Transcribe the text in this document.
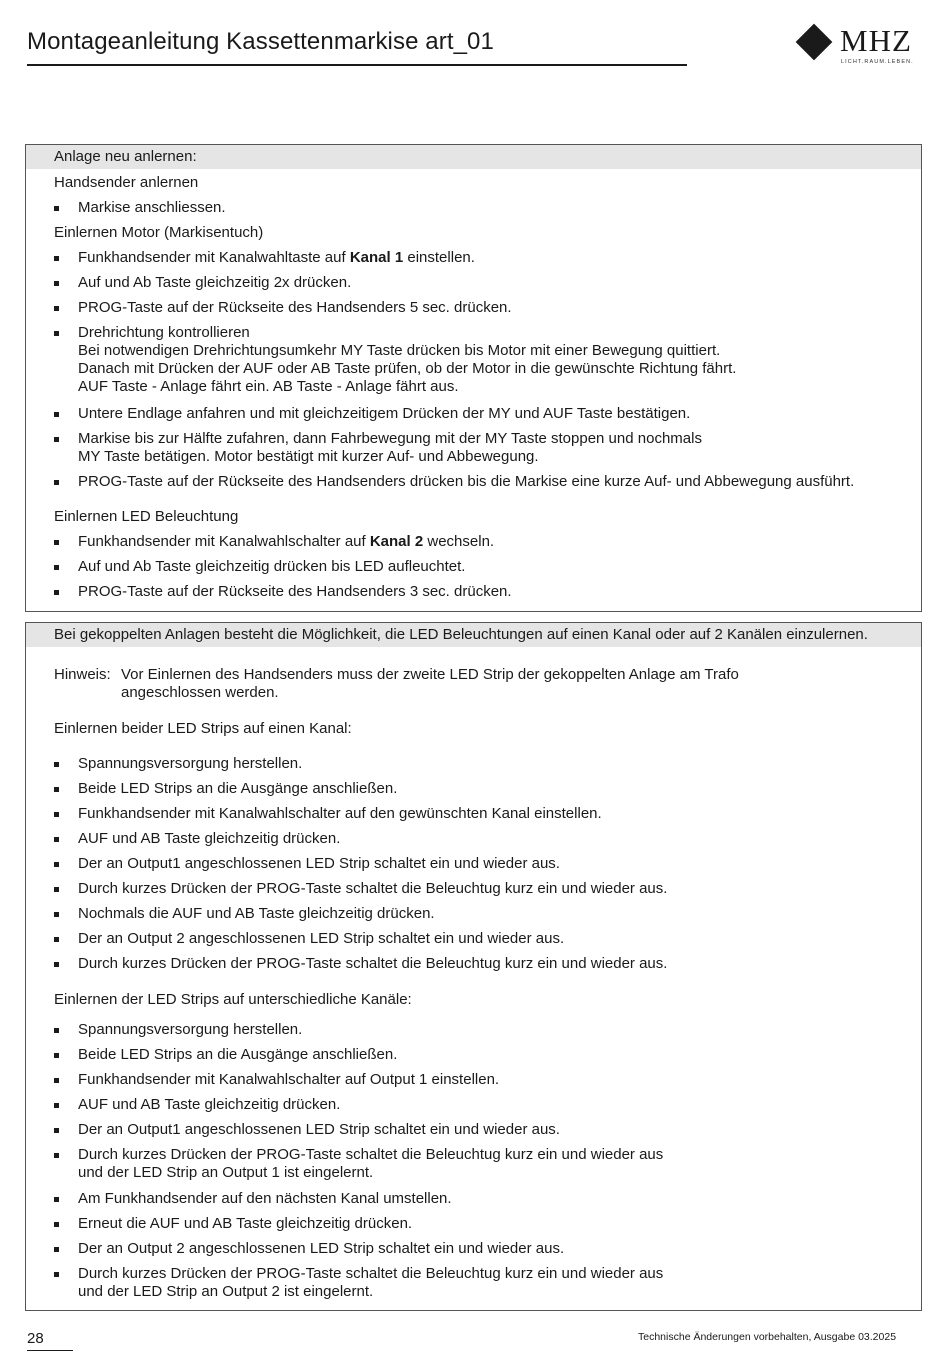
Montageanleitung Kassettenmarkise art_01	MHZ
LICHT.RAUM.LEBEN.
Anlage neu anlernen:
Handsender anlernen
Markise anschliessen.
Einlernen Motor (Markisentuch)
Funkhandsender mit Kanalwahltaste auf Kanal 1 einstellen.
Auf und Ab Taste gleichzeitig 2x drücken.
PROG-Taste auf der Rückseite des Handsenders 5 sec. drücken.
Drehrichtung kontrollieren
Bei notwendigen Drehrichtungsumkehr MY Taste drücken bis Motor mit einer Bewegung quittiert.
Danach mit Drücken der AUF oder AB Taste prüfen, ob der Motor in die gewünschte Richtung fährt.
AUF Taste - Anlage fährt ein. AB Taste - Anlage fährt aus.
Untere Endlage anfahren und mit gleichzeitigem Drücken der MY und AUF Taste bestätigen.
Markise bis zur Hälfte zufahren, dann Fahrbewegung mit der MY Taste stoppen und nochmals
MY Taste betätigen. Motor bestätigt mit kurzer Auf- und Abbewegung.
PROG-Taste auf der Rückseite des Handsenders drücken bis die Markise eine kurze Auf- und Abbewegung ausführt.
Einlernen LED Beleuchtung
Funkhandsender mit Kanalwahlschalter auf Kanal 2 wechseln.
Auf und Ab Taste gleichzeitig drücken bis LED aufleuchtet.
PROG-Taste auf der Rückseite des Handsenders 3 sec. drücken.
Bei gekoppelten Anlagen besteht die Möglichkeit, die LED Beleuchtungen auf einen Kanal oder auf 2 Kanälen einzulernen.
Hinweis: Vor Einlernen des Handsenders muss der zweite LED Strip der gekoppelten Anlage am Trafo
angeschlossen werden.
Einlernen beider LED Strips auf einen Kanal:
Einlernen der LED Strips auf unterschiedliche Kanäle:
Spannungsversorgung herstellen.
Beide LED Strips an die Ausgänge anschließen.
Funkhandsender mit Kanalwahlschalter auf den gewünschten Kanal einstellen.
AUF und AB Taste gleichzeitig drücken.
Der an Output1 angeschlossenen LED Strip schaltet ein und wieder aus.
Durch kurzes Drücken der PROG-Taste schaltet die Beleuchtug kurz ein und wieder aus.
Nochmals die AUF und AB Taste gleichzeitig drücken.
Der an Output 2 angeschlossenen LED Strip schaltet ein und wieder aus.
Durch kurzes Drücken der PROG-Taste schaltet die Beleuchtug kurz ein und wieder aus.
Spannungsversorgung herstellen.
Beide LED Strips an die Ausgänge anschließen.
Funkhandsender mit Kanalwahlschalter auf Output 1 einstellen.
AUF und AB Taste gleichzeitig drücken.
Der an Output1 angeschlossenen LED Strip schaltet ein und wieder aus.
Durch kurzes Drücken der PROG-Taste schaltet die Beleuchtug kurz ein und wieder aus
und der LED Strip an Output 1 ist eingelernt.
Am Funkhandsender auf den nächsten Kanal umstellen.
Erneut die AUF und AB Taste gleichzeitig drücken.
Der an Output 2 angeschlossenen LED Strip schaltet ein und wieder aus.
Durch kurzes Drücken der PROG-Taste schaltet die Beleuchtug kurz ein und wieder aus
und der LED Strip an Output 2 ist eingelernt.
28	Technische Änderungen vorbehalten, Ausgabe 03.2025
